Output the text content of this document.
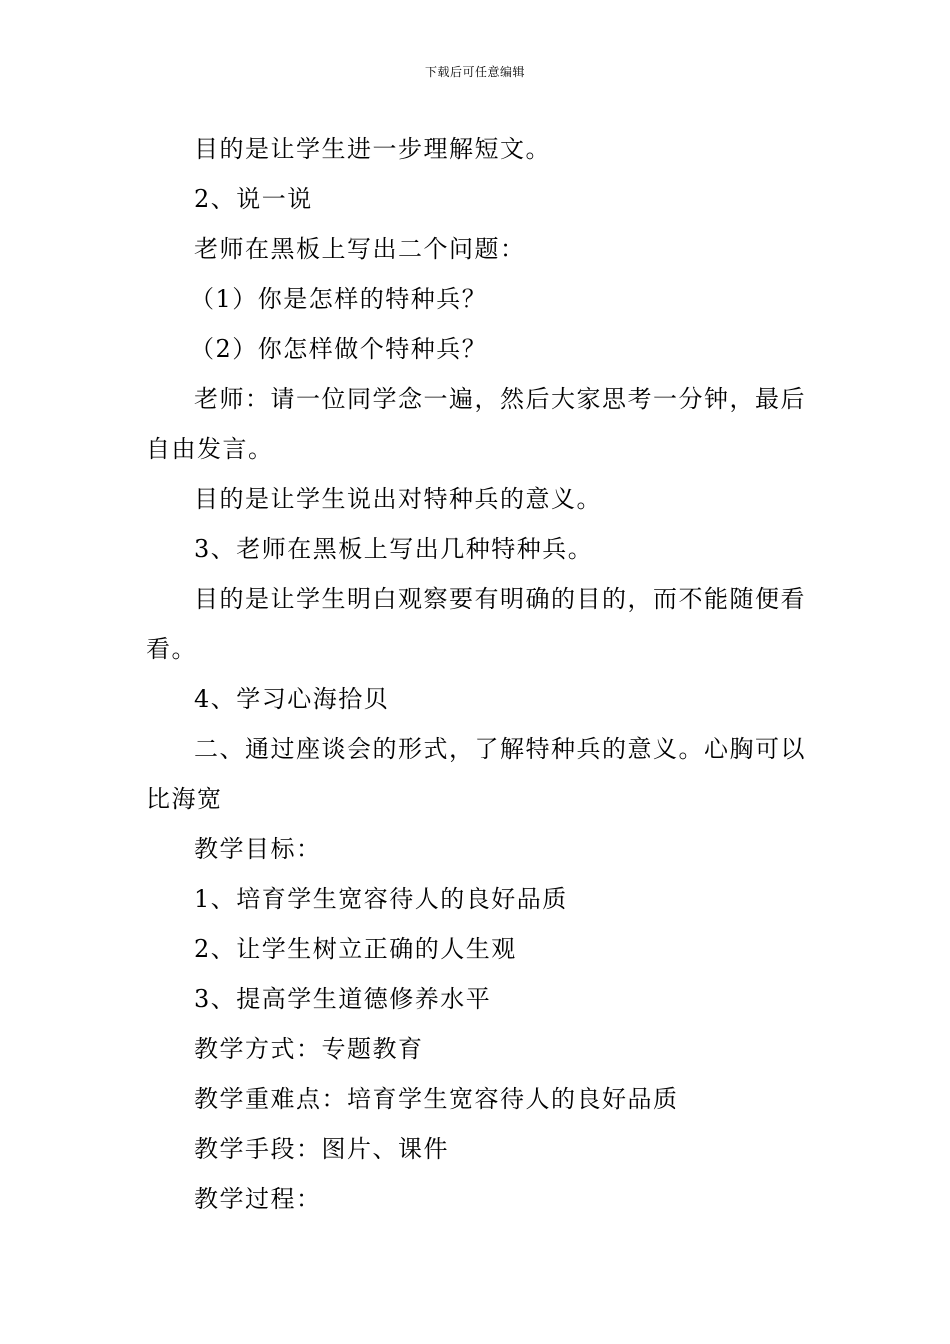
下载后可任意编辑

目的是让学生进一步理解短文。

2、说一说

老师在黑板上写出二个问题：

（1）你是怎样的特种兵？

（2）你怎样做个特种兵？

老师：请一位同学念一遍，然后大家思考一分钟，最后自由发言。

目的是让学生说出对特种兵的意义。

3、老师在黑板上写出几种特种兵。

目的是让学生明白观察要有明确的目的，而不能随便看看。

4、学习心海拾贝

二、通过座谈会的形式，了解特种兵的意义。心胸可以比海宽

教学目标：

1、培育学生宽容待人的良好品质

2、让学生树立正确的人生观

3、提高学生道德修养水平

教学方式：专题教育

教学重难点：培育学生宽容待人的良好品质

教学手段：图片、课件

教学过程：
